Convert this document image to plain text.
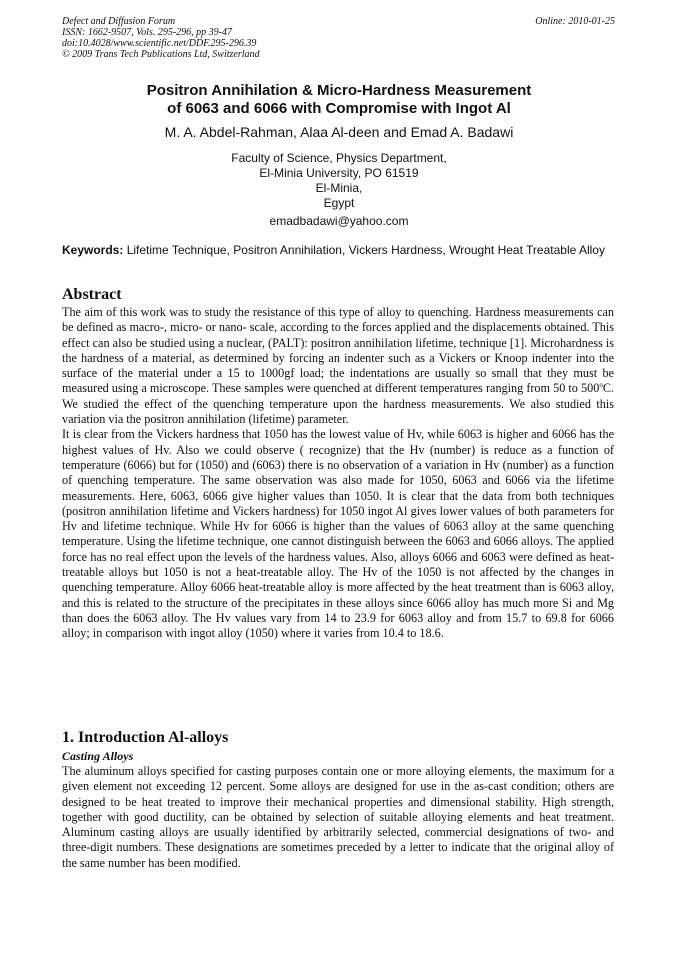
Defect and Diffusion Forum
ISSN: 1662-9507, Vols. 295-296, pp 39-47
doi:10.4028/www.scientific.net/DDF.295-296.39
© 2009 Trans Tech Publications Ltd, Switzerland
Online: 2010-01-25
Positron Annihilation & Micro-Hardness Measurement
of 6063 and 6066 with Compromise with Ingot Al
M. A. Abdel-Rahman, Alaa Al-deen and Emad A. Badawi
Faculty of Science, Physics Department,
El-Minia University, PO 61519
El-Minia,
Egypt
emadbadawi@yahoo.com
Keywords: Lifetime Technique, Positron Annihilation, Vickers Hardness, Wrought Heat Treatable Alloy
Abstract

The aim of this work was to study the resistance of this type of alloy to quenching. Hardness measurements can be defined as macro-, micro- or nano- scale, according to the forces applied and the displacements obtained. This effect can also be studied using a nuclear, (PALT): positron annihilation lifetime, technique [1]. Microhardness is the hardness of a material, as determined by forcing an indenter such as a Vickers or Knoop indenter into the surface of the material under a 15 to 1000gf load; the indentations are usually so small that they must be measured using a microscope. These samples were quenched at different temperatures ranging from 50 to 500$^o$C. We studied the effect of the quenching temperature upon the hardness measurements. We also studied this variation via the positron annihilation (lifetime) parameter.

It is clear from the Vickers hardness that 1050 has the lowest value of Hv, while 6063 is higher and 6066 has the highest values of Hv. Also we could observe ( recognize) that the Hv (number) is reduce as a function of temperature (6066) but for (1050) and (6063) there is no observation of a variation in Hv (number) as a function of quenching temperature. The same observation was also made for 1050, 6063 and 6066 via the lifetime measurements. Here, 6063, 6066 give higher values than 1050. It is clear that the data from both techniques (positron annihilation lifetime and Vickers hardness) for 1050 ingot Al gives lower values of both parameters for Hv and lifetime technique. While Hv for 6066 is higher than the values of 6063 alloy at the same quenching temperature. Using the lifetime technique, one cannot distinguish between the 6063 and 6066 alloys. The applied force has no real effect upon the levels of the hardness values. Also, alloys 6066 and 6063 were defined as heat-treatable alloys but 1050 is not a heat-treatable alloy. The Hv of the 1050 is not affected by the changes in quenching temperature. Alloy 6066 heat-treatable alloy is more affected by the heat treatment than is 6063 alloy, and this is related to the structure of the precipitates in these alloys since 6066 alloy has much more Si and Mg than does the 6063 alloy. The Hv values vary from 14 to 23.9 for 6063 alloy and from 15.7 to 69.8 for 6066 alloy; in comparison with ingot alloy (1050) where it varies from 10.4 to 18.6.

1. Introduction Al-alloys
Casting Alloys

The aluminum alloys specified for casting purposes contain one or more alloying elements, the maximum for a given element not exceeding 12 percent. Some alloys are designed for use in the as-cast condition; others are designed to be heat treated to improve their mechanical properties and dimensional stability. High strength, together with good ductility, can be obtained by selection of suitable alloying elements and heat treatment. Aluminum casting alloys are usually identified by arbitrarily selected, commercial designations of two- and three-digit numbers. These designations are sometimes preceded by a letter to indicate that the original alloy of the same number has been modified.
